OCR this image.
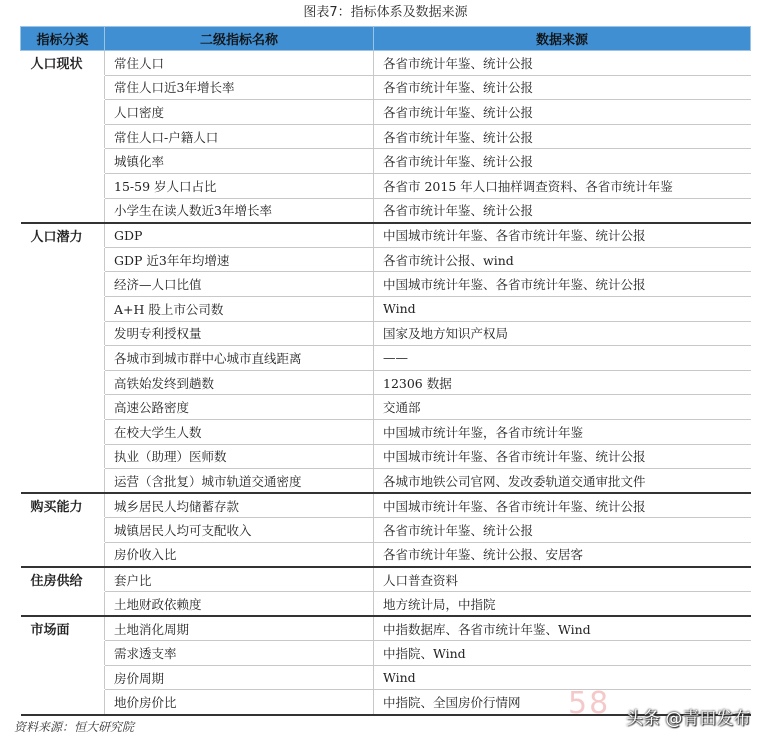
图表7：指标体系及数据来源
指标分类	二级指标名称	数据来源
人口现状	常住人口	各省市统计年鉴、统计公报
	常住人口近3年增长率	各省市统计年鉴、统计公报
	人口密度	各省市统计年鉴、统计公报
	常住人口-户籍人口	各省市统计年鉴、统计公报
	城镇化率	各省市统计年鉴、统计公报
	15-59 岁人口占比	各省市 2015 年人口抽样调查资料、各省市统计年鉴
	小学生在读人数近3年增长率	各省市统计年鉴、统计公报
人口潜力	GDP	中国城市统计年鉴、各省市统计年鉴、统计公报
	GDP 近3年年均增速	各省市统计公报、wind
	经济—人口比值	中国城市统计年鉴、各省市统计年鉴、统计公报
	A+H 股上市公司数	Wind
	发明专利授权量	国家及地方知识产权局
	各城市到城市群中心城市直线距离	——
	高铁始发终到趟数	12306 数据
	高速公路密度	交通部
	在校大学生人数	中国城市统计年鉴，各省市统计年鉴
	执业（助理）医师数	中国城市统计年鉴、各省市统计年鉴、统计公报
	运营（含批复）城市轨道交通密度	各城市地铁公司官网、发改委轨道交通审批文件
购买能力	城乡居民人均储蓄存款	中国城市统计年鉴、各省市统计年鉴、统计公报
	城镇居民人均可支配收入	各省市统计年鉴、统计公报
	房价收入比	各省市统计年鉴、统计公报、安居客
住房供给	套户比	人口普查资料
	土地财政依赖度	地方统计局，中指院
市场面	土地消化周期	中指数据库、各省市统计年鉴、Wind
	需求透支率	中指院、Wind
	房价周期	Wind
	地价房价比	中指院、全国房价行情网
资料来源：恒大研究院
58 头条 @青田发布
